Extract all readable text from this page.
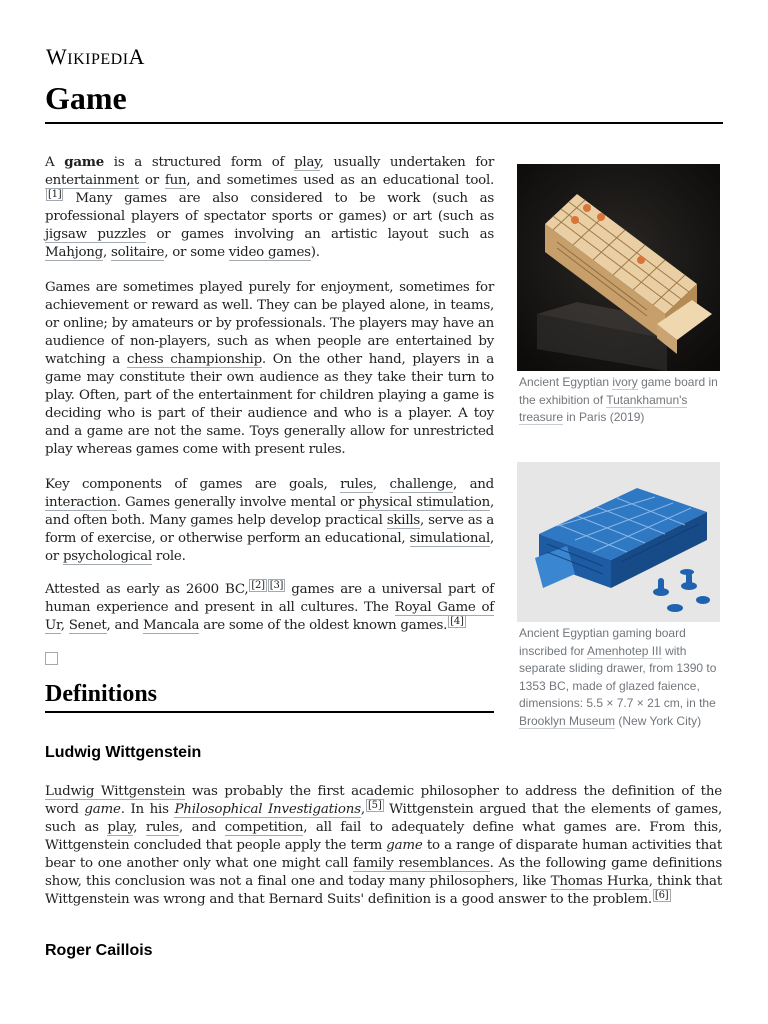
WIKIPEDIA
Game

A game is a structured form of play, usually undertaken for entertainment or fun, and sometimes used as an educational tool.[1] Many games are also considered to be work (such as professional players of spectator sports or games) or art (such as jigsaw puzzles or games involving an artistic layout such as Mahjong, solitaire, or some video games).

Games are sometimes played purely for enjoyment, sometimes for achievement or reward as well. They can be played alone, in teams, or online; by amateurs or by professionals. The players may have an audience of non-players, such as when people are entertained by watching a chess championship. On the other hand, players in a game may constitute their own audience as they take their turn to play. Often, part of the entertainment for children playing a game is deciding who is part of their audience and who is a player. A toy and a game are not the same. Toys generally allow for unrestricted play whereas games come with present rules.

Key components of games are goals, rules, challenge, and interaction. Games generally involve mental or physical stimulation, and often both. Many games help develop practical skills, serve as a form of exercise, or otherwise perform an educational, simulational, or psychological role.

Attested as early as 2600 BC, [2] [3] games are a universal part of human experience and present in all cultures. The Royal Game of Ur, Senet, and Mancala are some of the oldest known games. [4]

Definitions
Ludwig Wittgenstein

Ludwig Wittgenstein was probably the first academic philosopher to address the definition of the word game. In his Philosophical Investigations, [5] Wittgenstein argued that the elements of games, such as play, rules, and competition, all fail to adequately define what games are. From this, Wittgenstein concluded that people apply the term game to a range of disparate human activities that bear to one another only what one might call family resemblances. As the following game definitions show, this conclusion was not a final one and today many philosophers, like Thomas Hurka, think that Wittgenstein was wrong and that Bernard Suits' definition is a good answer to the problem. [6]

Roger Caillois
Ancient Egyptian ivory game board in the exhibition of Tutankhamun's treasure in Paris (2019)
Ancient Egyptian gaming board inscribed for Amenhotep III with separate sliding drawer, from 1390 to 1353 BC, made of glazed faience, dimensions: 5.5 × 7.7 × 21 cm, in the Brooklyn Museum (New York City)
